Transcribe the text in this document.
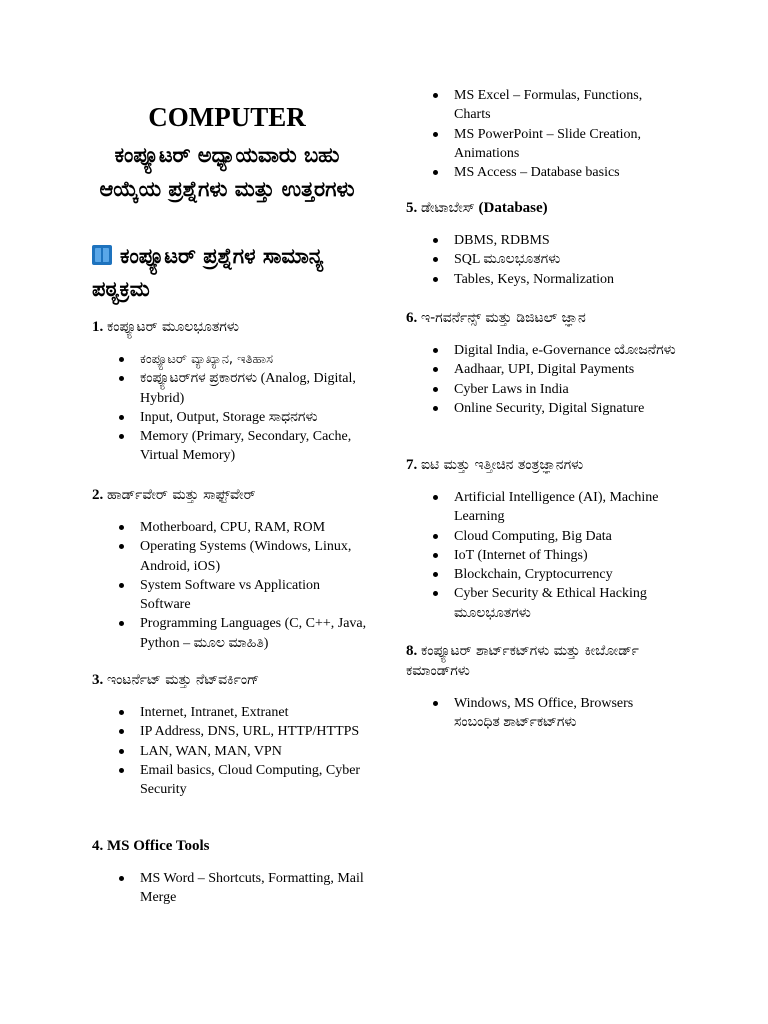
COMPUTER
ಕಂಪ್ಯೂಟರ್ ಅಧ್ಯಾಯವಾರು ಬಹು ಆಯ್ಕೆಯ ಪ್ರಶ್ನೆಗಳು ಮತ್ತು ಉತ್ತರಗಳು
ಕಂಪ್ಯೂಟರ್ ಪ್ರಶ್ನೆಗಳ ಸಾಮಾನ್ಯ ಪಠ್ಯಕ್ರಮ

1. ಕಂಪ್ಯೂಟರ್ ಮೂಲಭೂತಗಳು

ಕಂಪ್ಯೂಟರ್ ವ್ಯಾಖ್ಯಾನ, ಇತಿಹಾಸ
ಕಂಪ್ಯೂಟರ್‌ಗಳ ಪ್ರಕಾರಗಳು (Analog, Digital, Hybrid)
Input, Output, Storage ಸಾಧನಗಳು
Memory (Primary, Secondary, Cache, Virtual Memory)

2. ಹಾರ್ಡ್‌ವೇರ್ ಮತ್ತು ಸಾಫ್ಟ್‌ವೇರ್

Motherboard, CPU, RAM, ROM
Operating Systems (Windows, Linux, Android, iOS)
System Software vs Application Software
Programming Languages (C, C++, Java, Python – ಮೂಲ ಮಾಹಿತಿ)

3. ಇಂಟರ್ನೆಟ್ ಮತ್ತು ನೆಟ್‌ವರ್ಕಿಂಗ್

Internet, Intranet, Extranet
IP Address, DNS, URL, HTTP/HTTPS
LAN, WAN, MAN, VPN
Email basics, Cloud Computing, Cyber Security

4. MS Office Tools

MS Word – Shortcuts, Formatting, Mail Merge
MS Excel – Formulas, Functions, Charts
MS PowerPoint – Slide Creation, Animations
MS Access – Database basics

5. ಡೇಟಾಬೇಸ್ (Database)

DBMS, RDBMS
SQL ಮೂಲಭೂತಗಳು
Tables, Keys, Normalization

6. ಇ-ಗವರ್ನೆನ್ಸ್ ಮತ್ತು ಡಿಜಿಟಲ್ ಜ್ಞಾನ

Digital India, e-Governance ಯೋಜನೆಗಳು
Aadhaar, UPI, Digital Payments
Cyber Laws in India
Online Security, Digital Signature

7. ಐಟಿ ಮತ್ತು ಇತ್ತೀಚಿನ ತಂತ್ರಜ್ಞಾನಗಳು

Artificial Intelligence (AI), Machine Learning
Cloud Computing, Big Data
IoT (Internet of Things)
Blockchain, Cryptocurrency
Cyber Security & Ethical Hacking ಮೂಲಭೂತಗಳು

8. ಕಂಪ್ಯೂಟರ್ ಶಾರ್ಟ್‌ಕಟ್‌ಗಳು ಮತ್ತು ಕೀಬೋರ್ಡ್ ಕಮಾಂಡ್‌ಗಳು

Windows, MS Office, Browsers ಸಂಬಂಧಿತ ಶಾರ್ಟ್‌ಕಟ್‌ಗಳು
